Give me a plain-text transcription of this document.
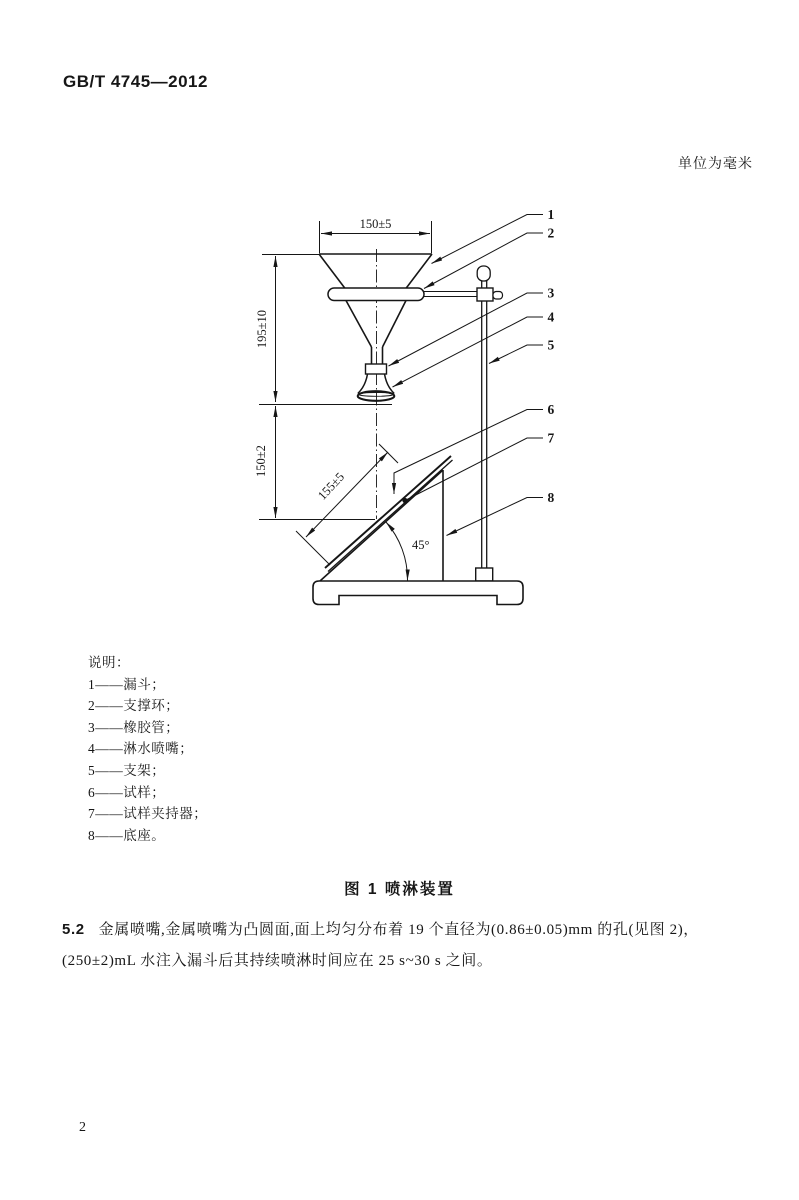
GB/T 4745—2012
单位为毫米
150±5
195±10
150±2
155±5
45°
1
2
3
4
5
6
7
8
说明：
1——漏斗；
2——支撑环；
3——橡胶管；
4——淋水喷嘴；
5——支架；
6——试样；
7——试样夹持器；
8——底座。
图 1 喷淋装置
5.2 金属喷嘴,金属喷嘴为凸圆面,面上均匀分布着 19 个直径为(0.86±0.05)mm 的孔(见图 2)，
(250±2)mL 水注入漏斗后其持续喷淋时间应在 25 s~30 s 之间。
2
